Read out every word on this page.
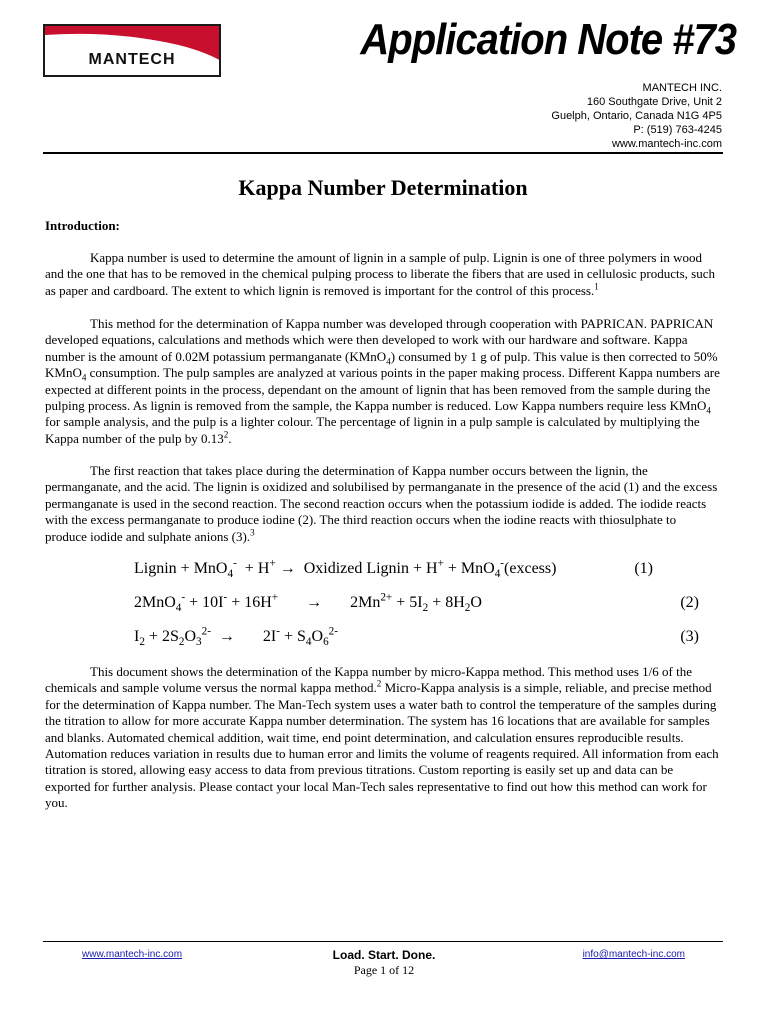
MANTECH	Application Note #73
MANTECH INC.
160 Southgate Drive, Unit 2
Guelph, Ontario, Canada N1G 4P5
P: (519) 763-4245
www.mantech-inc.com
Kappa Number Determination
Introduction:

Kappa number is used to determine the amount of lignin in a sample of pulp. Lignin is one of three polymers in wood and the one that has to be removed in the chemical pulping process to liberate the fibers that are used in cellulosic products, such as paper and cardboard. The extent to which lignin is removed is important for the control of this process.$^1$

This method for the determination of Kappa number was developed through cooperation with PAPRICAN. PAPRICAN developed equations, calculations and methods which were then developed to work with our hardware and software. Kappa number is the amount of 0.02M potassium permanganate (KMnO$_4$) consumed by 1 g of pulp. This value is then corrected to 50% KMnO$_4$ consumption. The pulp samples are analyzed at various points in the paper making process. Different Kappa numbers are expected at different points in the process, dependant on the amount of lignin that has been removed from the sample during the pulping process. As lignin is removed from the sample, the Kappa number is reduced. Low Kappa numbers require less KMnO$_4$ for sample analysis, and the pulp is a lighter colour. The percentage of lignin in a pulp sample is calculated by multiplying the Kappa number of the pulp by 0.13$^2$.

The first reaction that takes place during the determination of Kappa number occurs between the lignin, the permanganate, and the acid. The lignin is oxidized and solubilised by permanganate in the presence of the acid (1) and the excess permanganate is used in the second reaction. The second reaction occurs when the potassium iodide is added. The iodide reacts with the excess permanganate to produce iodine (2). The third reaction occurs when the iodine reacts with thiosulphate to produce iodide and sulphate anions (3).$^3$

Lignin + MnO$_4$-  + H+ →  Oxidized Lignin + H+ + MnO$_4$-(excess)	(1)
2MnO$_4$- + 10I- + 16H+       →       $2Mn^{2+} + 5I_2 + 8H_2O$	(2)
$I_2 + 2S_2O_3^{2-}$  →       $2I^- + S_4O_6^{2-}$	(3)

This document shows the determination of the Kappa number by micro-Kappa method. This method uses 1/6 of the chemicals and sample volume versus the normal kappa method.$^2$ Micro-Kappa analysis is a simple, reliable, and precise method for the determination of Kappa number. The Man-Tech system uses a water bath to control the temperature of the samples during the titration to allow for more accurate Kappa number determination. The system has 16 locations that are available for samples and blanks. Automated chemical addition, wait time, end point determination, and calculation ensures reproducible results. Automation reduces variation in results due to human error and limits the volume of reagents required. All information from each titration is stored, allowing easy access to data from previous titrations. Custom reporting is easily set up and data can be exported for further analysis. Please contact your local Man-Tech sales representative to find out how this method can work for you.

www.mantech-inc.com	Load. Start. Done.	info@mantech-inc.com
Page 1 of 12
